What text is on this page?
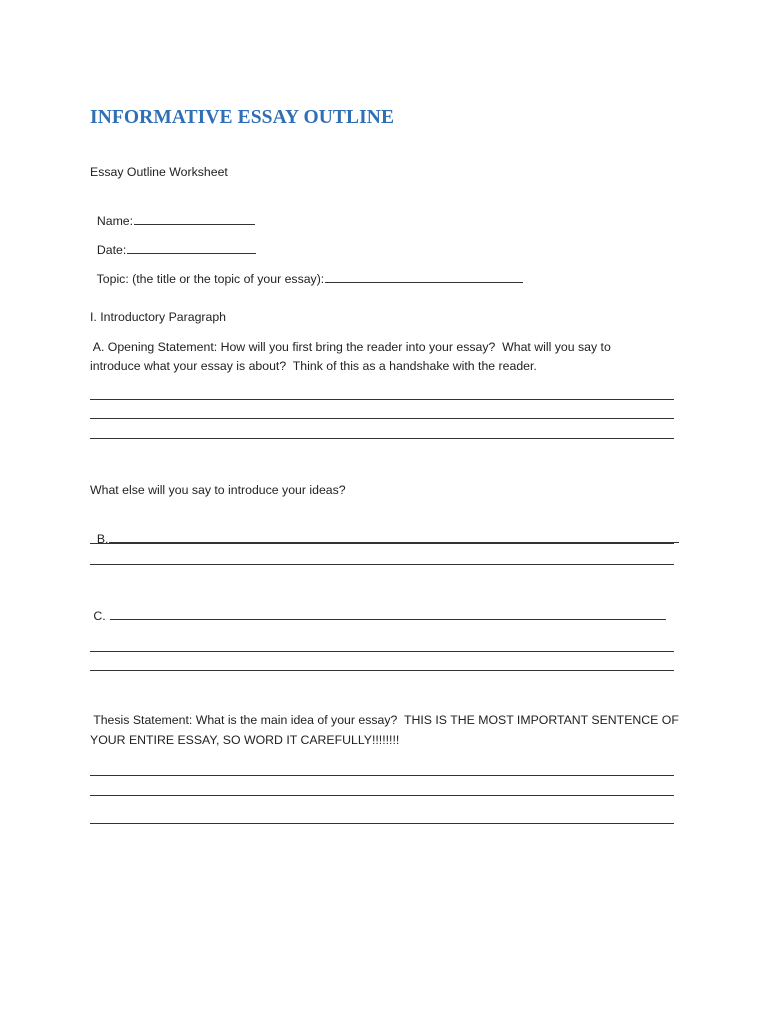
INFORMATIVE ESSAY OUTLINE

Essay Outline Worksheet

Name:

Date:

Topic: (the title or the topic of your essay):

I. Introductory Paragraph

A. Opening Statement: How will you first bring the reader into your essay?  What will you say to

introduce what your essay is about?  Think of this as a handshake with the reader.

What else will you say to introduce your ideas?

B.

C.

Thesis Statement: What is the main idea of your essay?  THIS IS THE MOST IMPORTANT SENTENCE OF

YOUR ENTIRE ESSAY, SO WORD IT CAREFULLY!!!!!!!!
